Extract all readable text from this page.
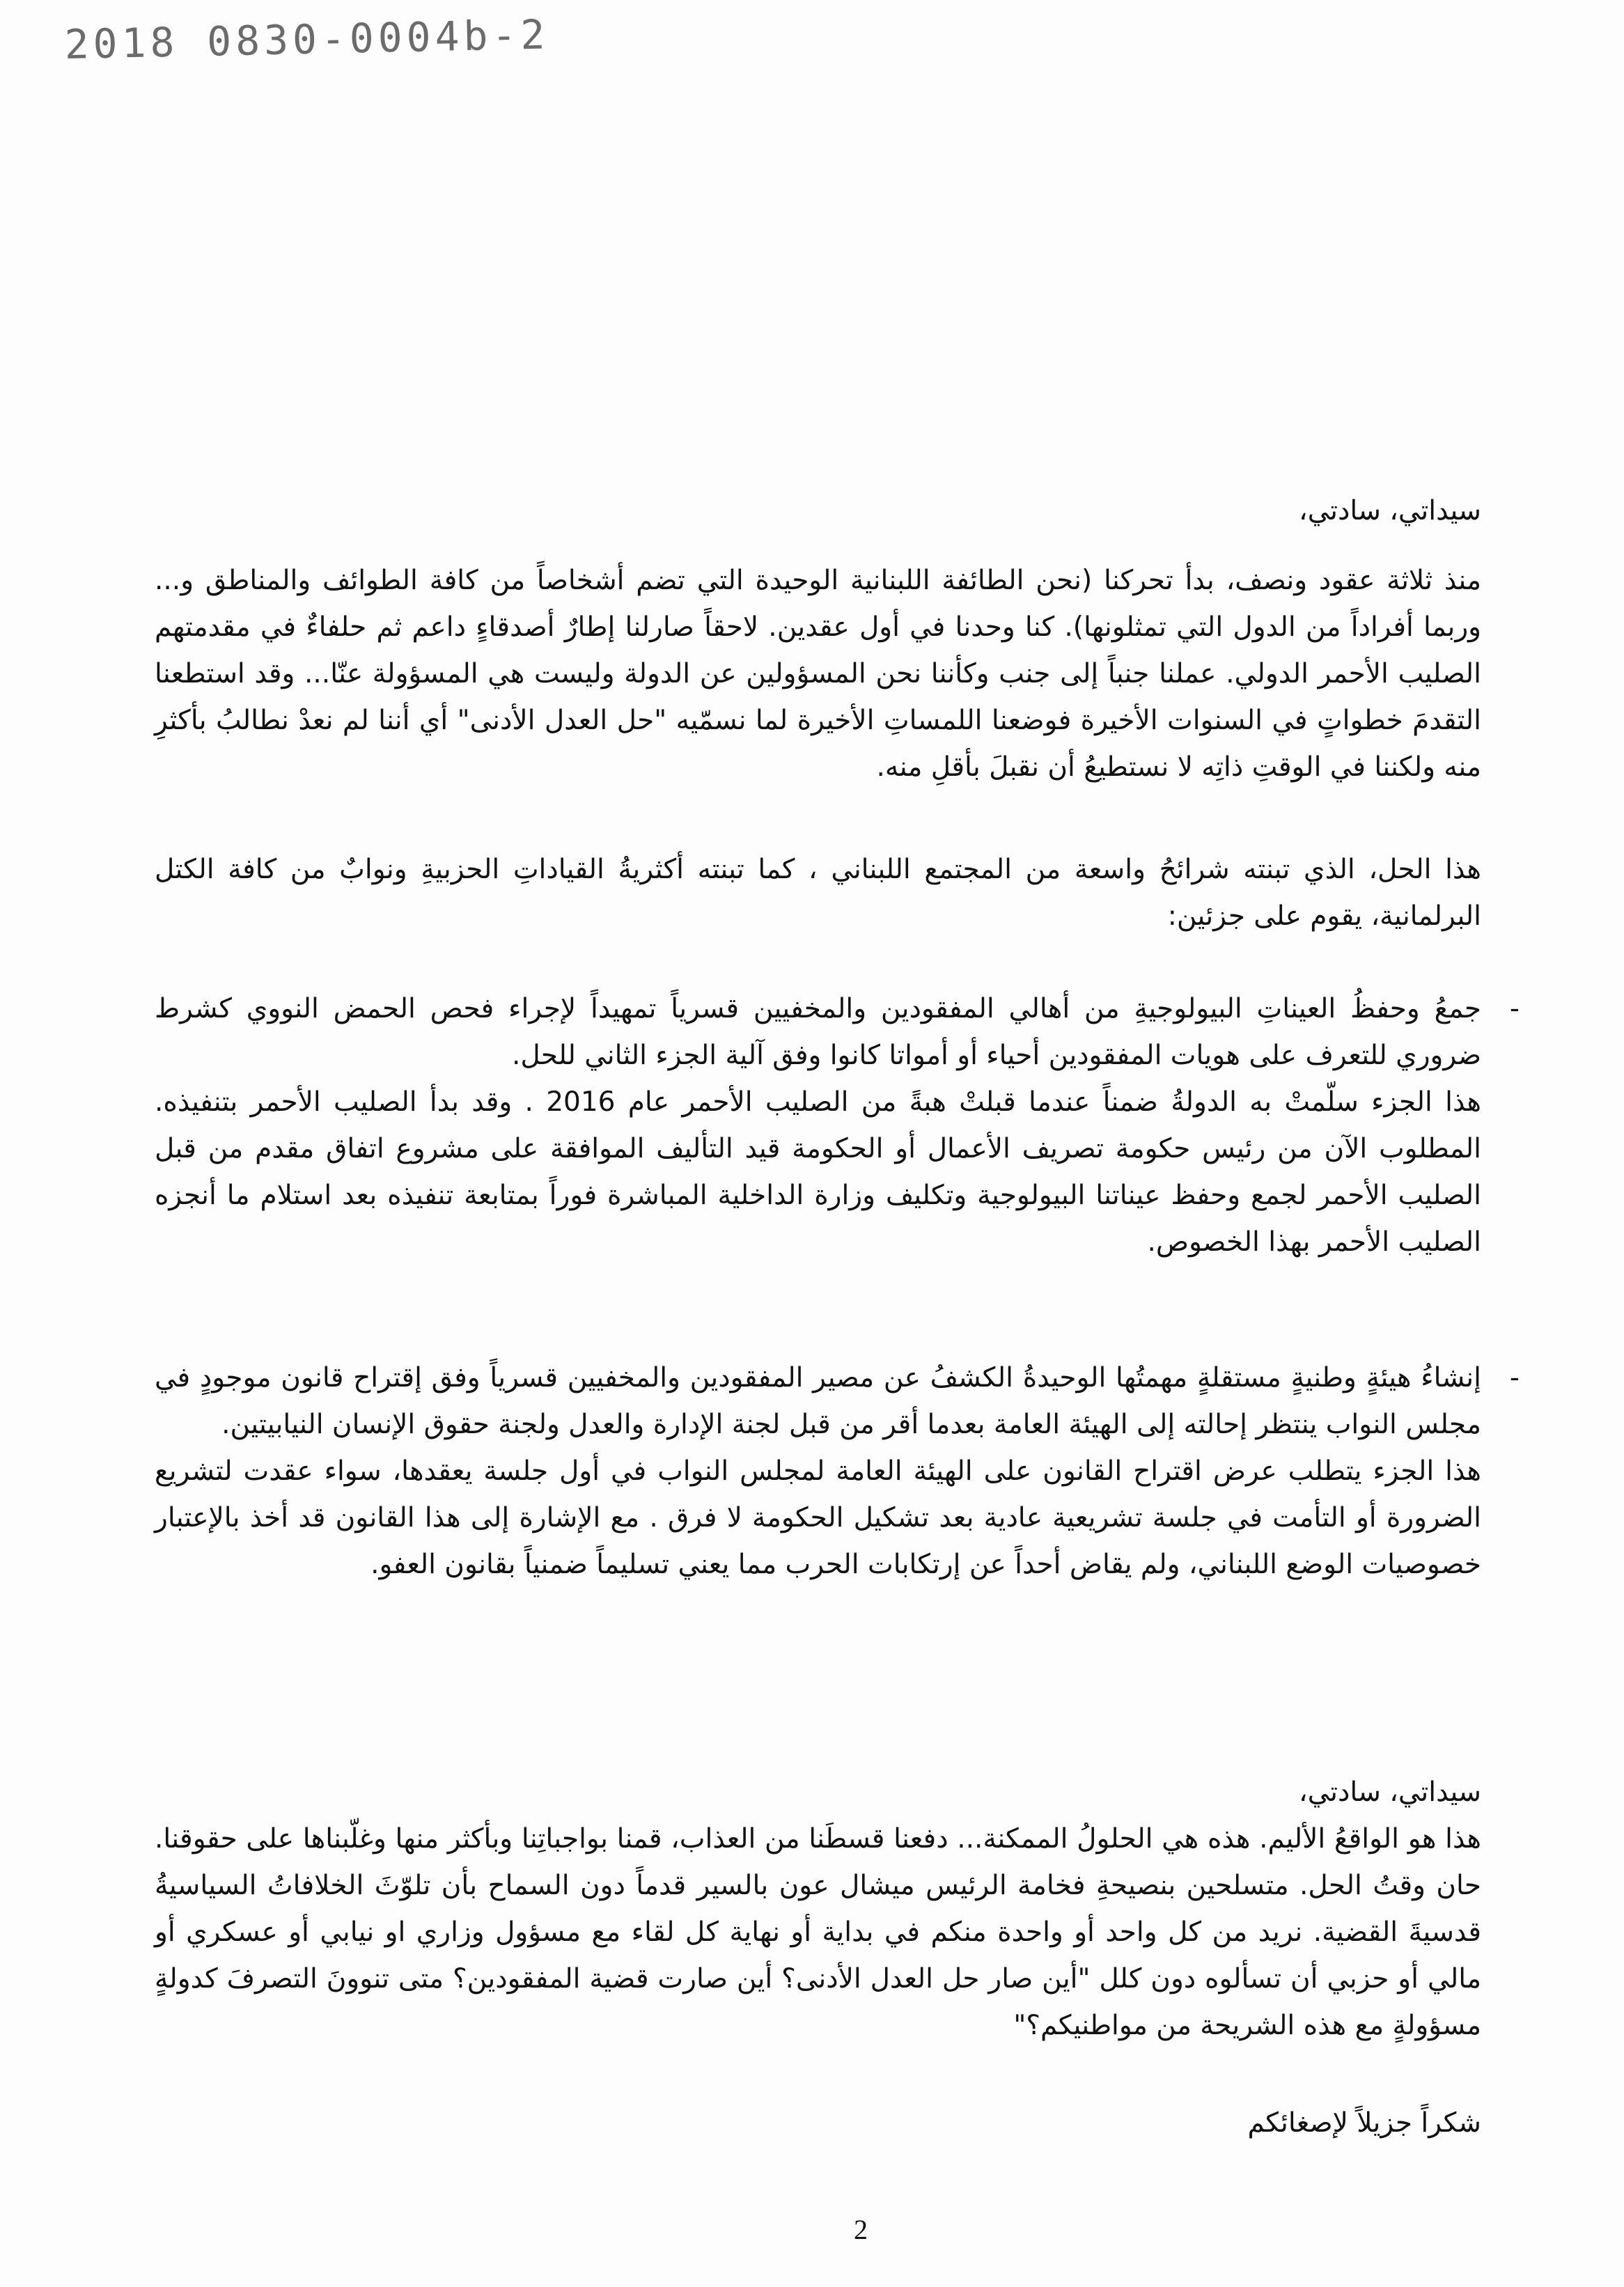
2018 0830-0004b-2

سيداتي، سادتي،

منذ ثلاثة عقود ونصف، بدأ تحركنا (نحن الطائفة اللبنانية الوحيدة التي تضم أشخاصاً من كافة الطوائف والمناطق و... وربما أفراداً من الدول التي تمثلونها). كنا وحدنا في أول عقدين. لاحقاً صارلنا إطارٌ أصدقاءٍ داعم ثم حلفاءٌ في مقدمتهم الصليب الأحمر الدولي. عملنا جنباً إلى جنب وكأننا نحن المسؤولين عن الدولة وليست هي المسؤولة عنّا... وقد استطعنا التقدمَ خطواتٍ في السنوات الأخيرة فوضعنا اللمساتِ الأخيرة لما نسمّيه "حل العدل الأدنى" أي أننا لم نعدْ نطالبُ بأكثرِ منه ولكننا في الوقتِ ذاتِه لا نستطيعُ أن نقبلَ بأقلِ منه.

هذا الحل، الذي تبنته شرائحُ واسعة من المجتمع اللبناني ، كما تبنته أكثريةُ القياداتِ الحزبيةِ ونوابٌ من كافة الكتل البرلمانية، يقوم على جزئين:

-

جمعُ وحفظُ العيناتِ البيولوجيةِ من أهالي المفقودين والمخفيين قسرياً تمهيداً لإجراء فحص الحمض النووي كشرط ضروري للتعرف على هويات المفقودين أحياء أو أمواتا كانوا وفق آلية الجزء الثاني للحل.

هذا الجزء سلّمتْ به الدولةُ ضمناً عندما قبلتْ هبةً من الصليب الأحمر عام 2016 . وقد بدأ الصليب الأحمر بتنفيذه. المطلوب الآن من رئيس حكومة تصريف الأعمال أو الحكومة قيد التأليف الموافقة على مشروع اتفاق مقدم من قبل الصليب الأحمر لجمع وحفظ عيناتنا البيولوجية وتكليف وزارة الداخلية المباشرة فوراً بمتابعة تنفيذه بعد استلام ما أنجزه الصليب الأحمر بهذا الخصوص.

-

إنشاءُ هيئةٍ وطنيةٍ مستقلةٍ مهمتُها الوحيدةُ الكشفُ عن مصير المفقودين والمخفيين قسرياً وفق إقتراح قانون موجودٍ في مجلس النواب ينتظر إحالته إلى الهيئة العامة بعدما أقر من قبل لجنة الإدارة والعدل ولجنة حقوق الإنسان النيابيتين.

هذا الجزء يتطلب عرض اقتراح القانون على الهيئة العامة لمجلس النواب في أول جلسة يعقدها، سواء عقدت لتشريع الضرورة أو التأمت في جلسة تشريعية عادية بعد تشكيل الحكومة لا فرق . مع الإشارة إلى هذا القانون قد أخذ بالإعتبار خصوصيات الوضع اللبناني، ولم يقاض أحداً عن إرتكابات الحرب مما يعني تسليماً ضمنياً بقانون العفو.

سيداتي، سادتي،

هذا هو الواقعُ الأليم. هذه هي الحلولُ الممكنة... دفعنا قسطَنا من العذاب، قمنا بواجباتِنا وبأكثر منها وغلّبناها على حقوقنا. حان وقتُ الحل. متسلحين بنصيحةِ فخامة الرئيس ميشال عون بالسير قدماً دون السماح بأن تلوّثَ الخلافاتُ السياسيةُ قدسيةَ القضية. نريد من كل واحد أو واحدة منكم في بداية أو نهاية كل لقاء مع مسؤول وزاري او نيابي أو عسكري أو مالي أو حزبي أن تسألوه دون كلل "أين صار حل العدل الأدنى؟ أين صارت قضية المفقودين؟ متى تنوونَ التصرفَ كدولةٍ مسؤولةٍ مع هذه الشريحة من مواطنيكم؟"

شكراً جزيلاً لإصغائكم

2
